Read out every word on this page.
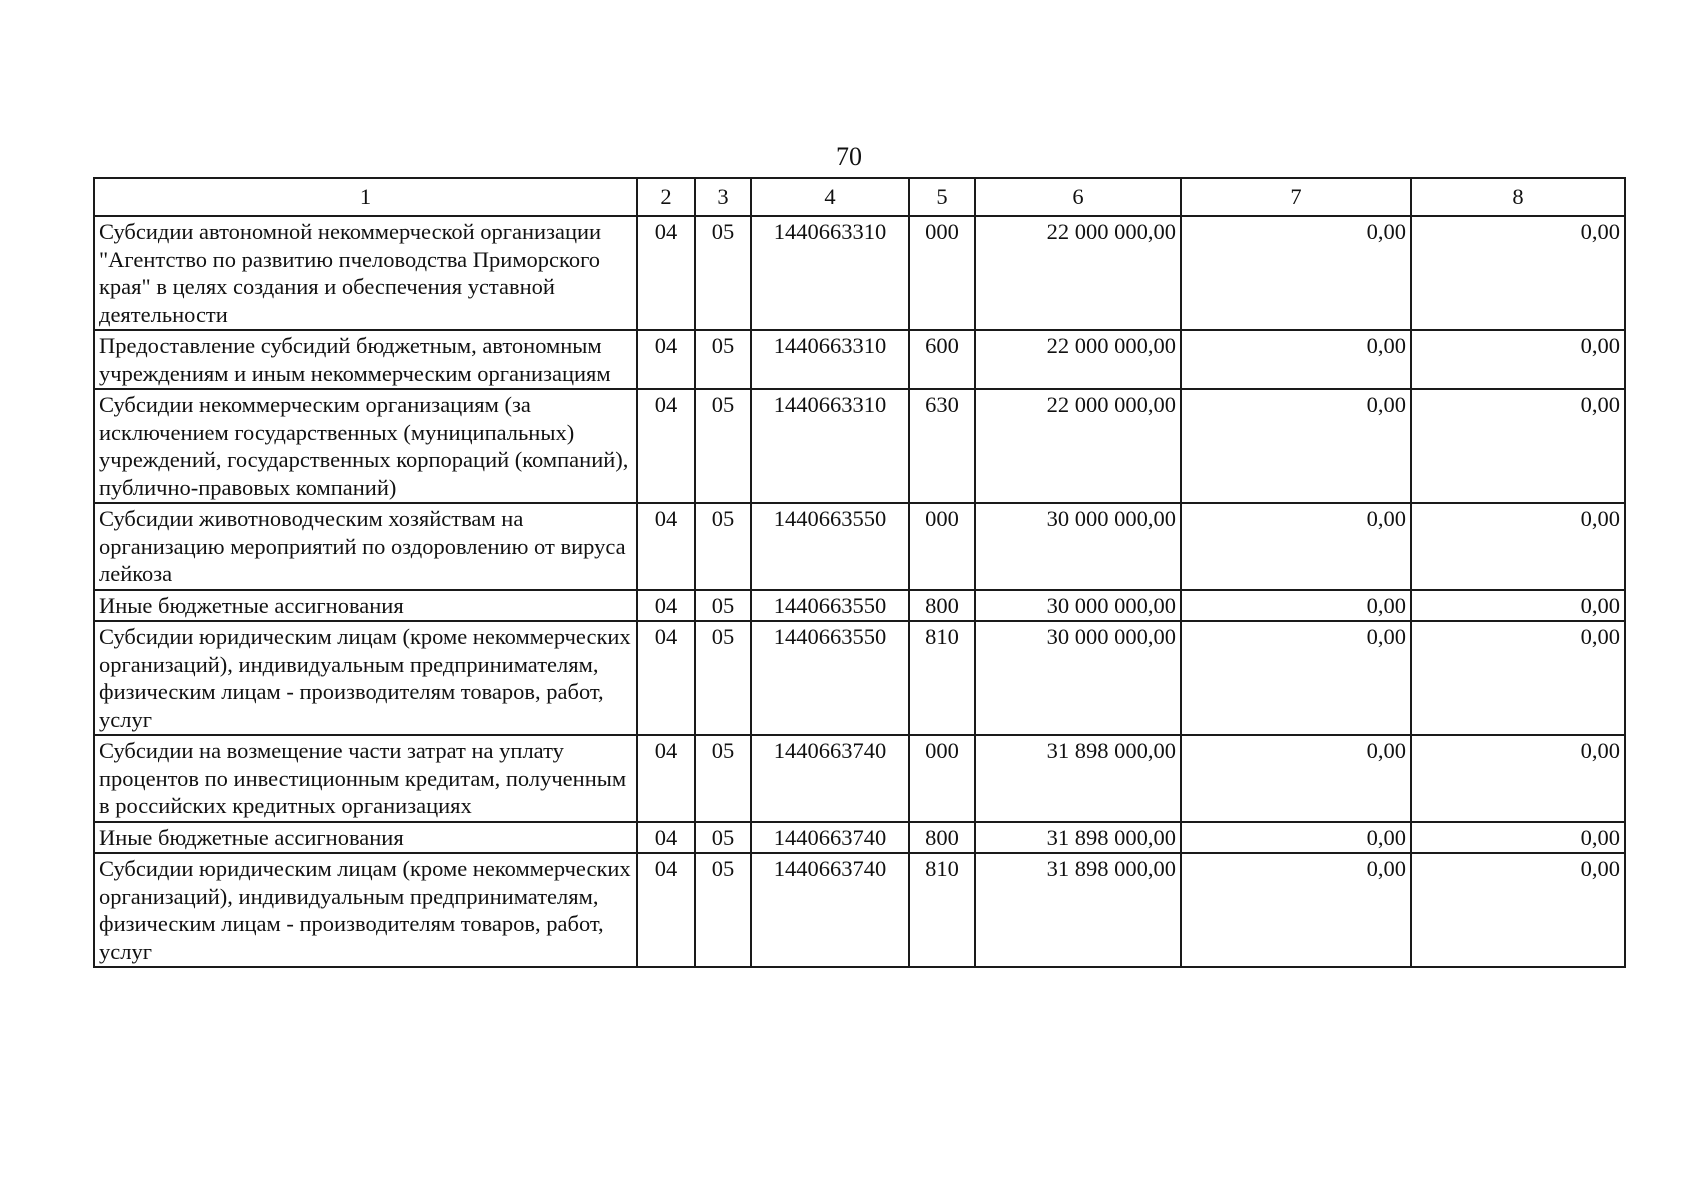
70
1	2	3	4	5	6	7	8
Субсидии автономной некоммерческой организации "Агентство по развитию пчеловодства Приморского края" в целях создания и обеспечения уставной деятельности	04	05	1440663310	000	22 000 000,00	0,00	0,00
Предоставление субсидий бюджетным, автономным учреждениям и иным некоммерческим организациям	04	05	1440663310	600	22 000 000,00	0,00	0,00
Субсидии некоммерческим организациям (за исключением государственных (муниципальных) учреждений, государственных корпораций (компаний), публично-правовых компаний)	04	05	1440663310	630	22 000 000,00	0,00	0,00
Субсидии животноводческим хозяйствам на организацию мероприятий по оздоровлению от вируса лейкоза	04	05	1440663550	000	30 000 000,00	0,00	0,00
Иные бюджетные ассигнования	04	05	1440663550	800	30 000 000,00	0,00	0,00
Субсидии юридическим лицам (кроме некоммерческих организаций), индивидуальным предпринимателям, физическим лицам - производителям товаров, работ, услуг	04	05	1440663550	810	30 000 000,00	0,00	0,00
Субсидии на возмещение части затрат на уплату процентов по инвестиционным кредитам, полученным в российских кредитных организациях	04	05	1440663740	000	31 898 000,00	0,00	0,00
Иные бюджетные ассигнования	04	05	1440663740	800	31 898 000,00	0,00	0,00
Субсидии юридическим лицам (кроме некоммерческих организаций), индивидуальным предпринимателям, физическим лицам - производителям товаров, работ, услуг	04	05	1440663740	810	31 898 000,00	0,00	0,00
